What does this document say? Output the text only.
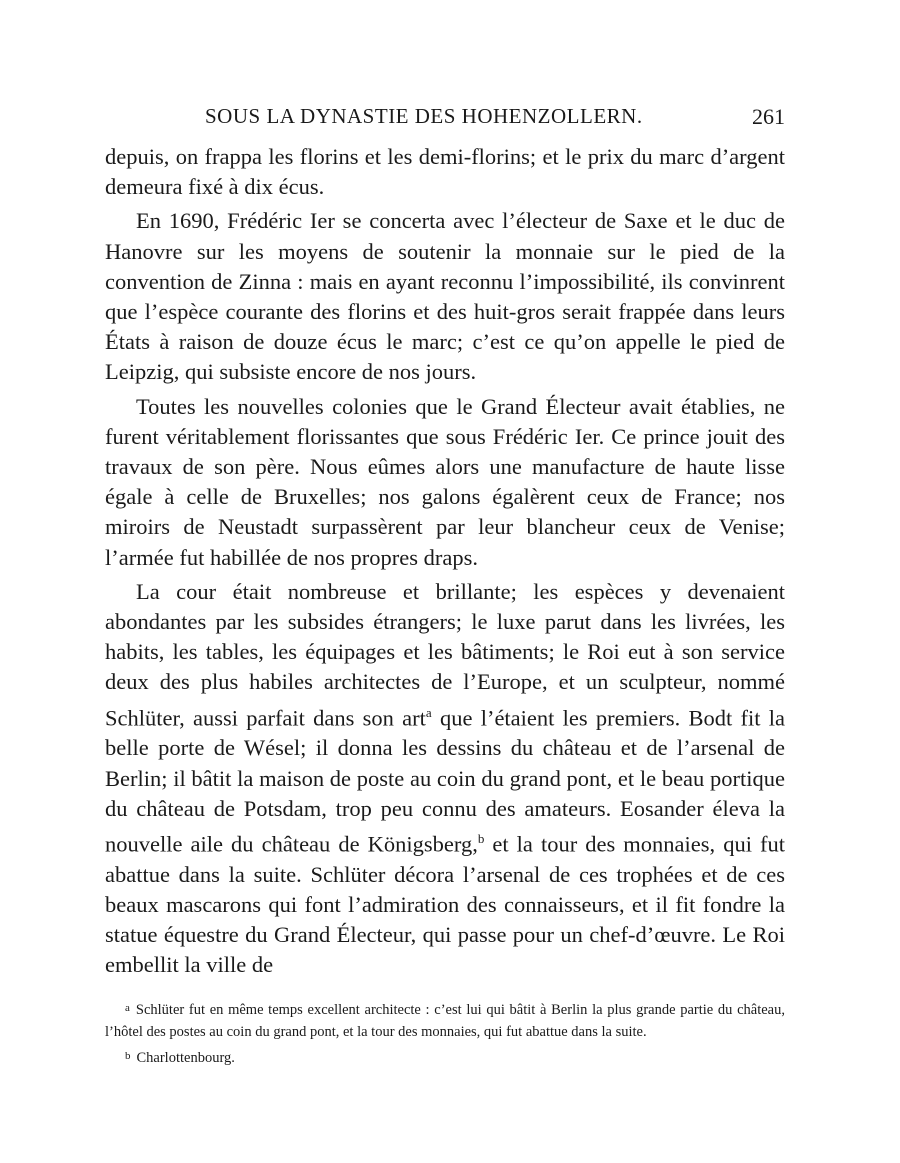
SOUS LA DYNASTIE DES HOHENZOLLERN.	261

depuis, on frappa les florins et les demi-florins; et le prix du marc d’argent demeura fixé à dix écus.

En 1690, Frédéric Ier se concerta avec l’électeur de Saxe et le duc de Hanovre sur les moyens de soutenir la monnaie sur le pied de la convention de Zinna : mais en ayant reconnu l’impossibilité, ils convinrent que l’espèce courante des florins et des huit-gros serait frappée dans leurs États à raison de douze écus le marc; c’est ce qu’on appelle le pied de Leipzig, qui subsiste encore de nos jours.

Toutes les nouvelles colonies que le Grand Électeur avait établies, ne furent véritablement florissantes que sous Frédéric Ier. Ce prince jouit des travaux de son père. Nous eûmes alors une manufacture de haute lisse égale à celle de Bruxelles; nos galons égalèrent ceux de France; nos miroirs de Neustadt surpassèrent par leur blancheur ceux de Venise; l’armée fut habillée de nos propres draps.

La cour était nombreuse et brillante; les espèces y devenaient abondantes par les subsides étrangers; le luxe parut dans les livrées, les habits, les tables, les équipages et les bâtiments; le Roi eut à son service deux des plus habiles architectes de l’Europe, et un sculpteur, nommé Schlüter, aussi parfait dans son art$^a$ que l’étaient les premiers. Bodt fit la belle porte de Wésel; il donna les dessins du château et de l’arsenal de Berlin; il bâtit la maison de poste au coin du grand pont, et le beau portique du château de Potsdam, trop peu connu des amateurs. Eosander éleva la nouvelle aile du château de Königsberg,$^b$ et la tour des monnaies, qui fut abattue dans la suite. Schlüter décora l’arsenal de ces trophées et de ces beaux mascarons qui font l’admiration des connaisseurs, et il fit fondre la statue équestre du Grand Électeur, qui passe pour un chef-d’œuvre. Le Roi embellit la ville de

$^a$ Schlüter fut en même temps excellent architecte : c’est lui qui bâtit à Berlin la plus grande partie du château, l’hôtel des postes au coin du grand pont, et la tour des monnaies, qui fut abattue dans la suite.

$^b$ Charlottenbourg.
